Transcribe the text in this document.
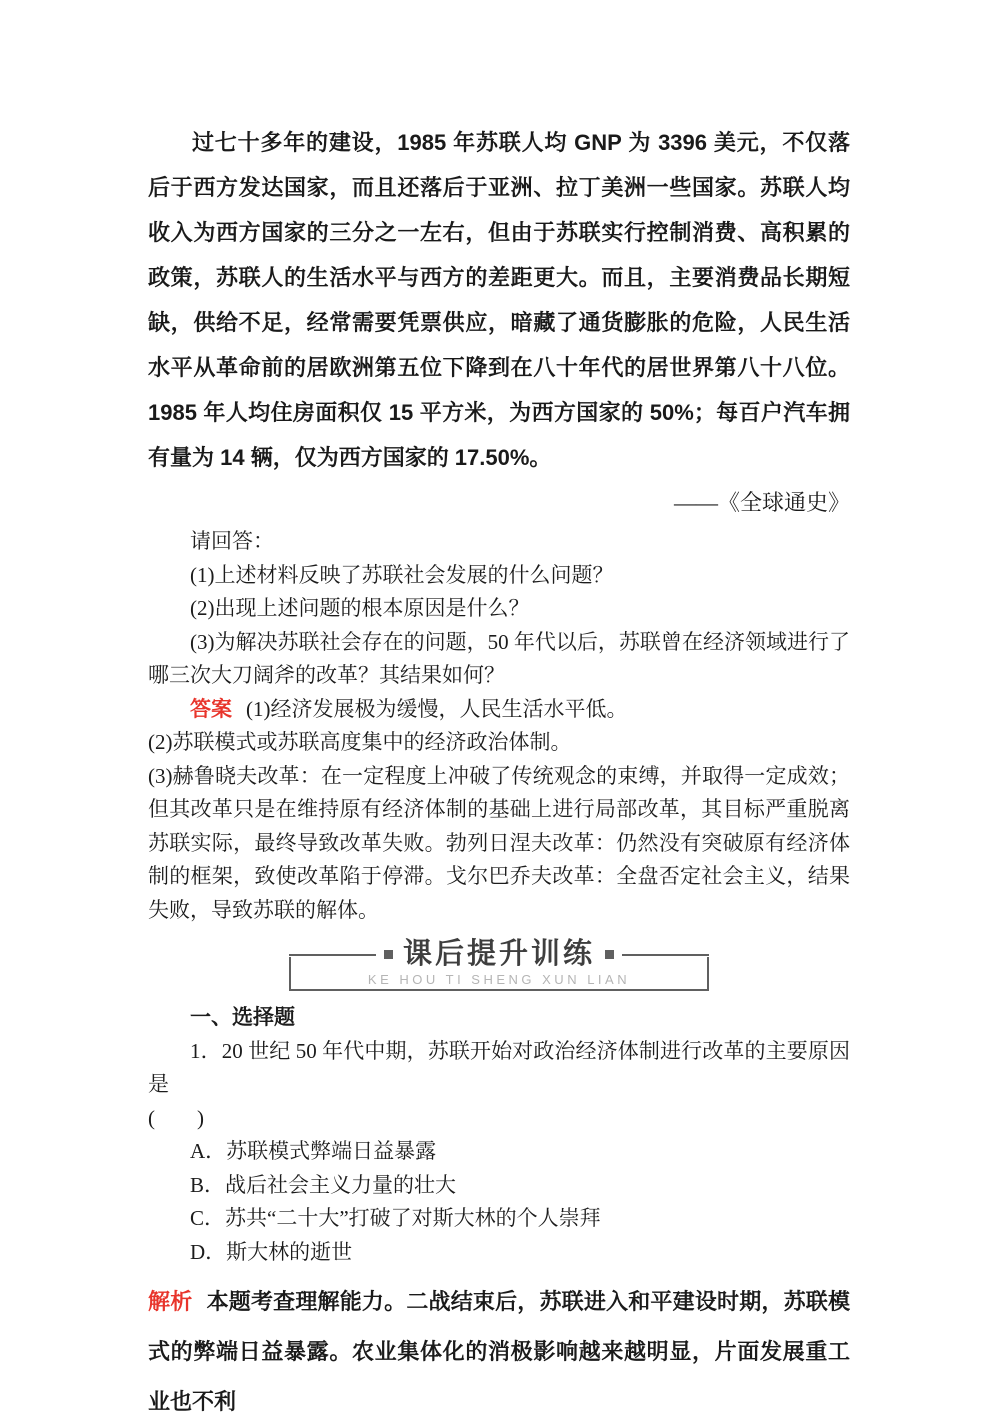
过七十多年的建设，1985 年苏联人均 GNP 为 3396 美元，不仅落后于西方发达国家，而且还落后于亚洲、拉丁美洲一些国家。苏联人均收入为西方国家的三分之一左右，但由于苏联实行控制消费、高积累的政策，苏联人的生活水平与西方的差距更大。而且，主要消费品长期短缺，供给不足，经常需要凭票供应，暗藏了通货膨胀的危险，人民生活水平从革命前的居欧洲第五位下降到在八十年代的居世界第八十八位。1985 年人均住房面积仅 15 平方米，为西方国家的 50%；每百户汽车拥有量为 14 辆，仅为西方国家的 17.50%。

——《全球通史》

请回答：

(1)上述材料反映了苏联社会发展的什么问题？

(2)出现上述问题的根本原因是什么？

(3)为解决苏联社会存在的问题，50 年代以后，苏联曾在经济领域进行了哪三次大刀阔斧的改革？其结果如何？

答案 (1)经济发展极为缓慢，人民生活水平低。

(2)苏联模式或苏联高度集中的经济政治体制。

(3)赫鲁晓夫改革：在一定程度上冲破了传统观念的束缚，并取得一定成效；但其改革只是在维持原有经济体制的基础上进行局部改革，其目标严重脱离苏联实际，最终导致改革失败。勃列日涅夫改革：仍然没有突破原有经济体制的框架，致使改革陷于停滞。戈尔巴乔夫改革：全盘否定社会主义，结果失败，导致苏联的解体。

课后提升训练
KE HOU TI SHENG XUN LIAN

一、选择题

1．20 世纪 50 年代中期，苏联开始对政治经济体制进行改革的主要原因是

(　　)

A．苏联模式弊端日益暴露

B．战后社会主义力量的壮大

C．苏共“二十大”打破了对斯大林的个人崇拜

D．斯大林的逝世

解析 本题考查理解能力。二战结束后，苏联进入和平建设时期，苏联模式的弊端日益暴露。农业集体化的消极影响越来越明显，片面发展重工业也不利
